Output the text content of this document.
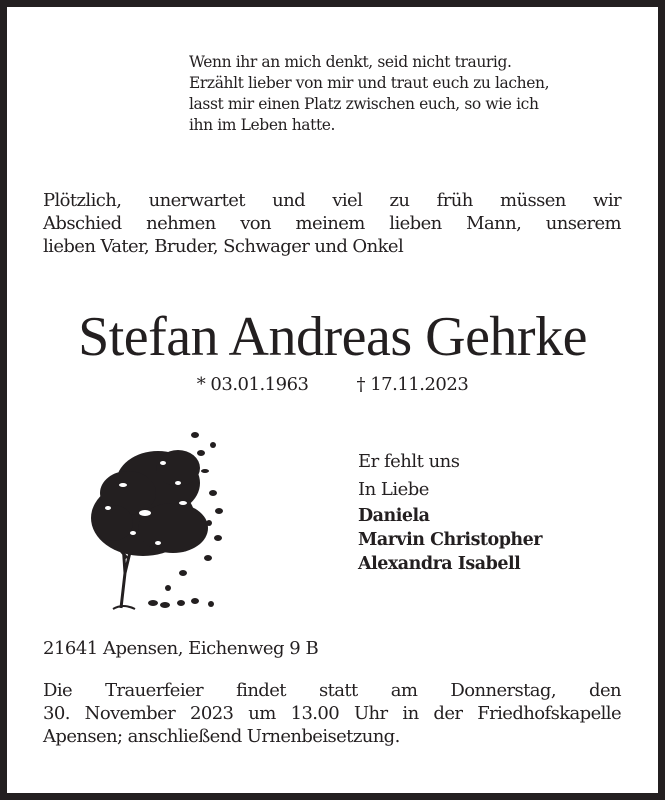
Wenn ihr an mich denkt, seid nicht traurig.
Erzählt lieber von mir und traut euch zu lachen,
lasst mir einen Platz zwischen euch, so wie ich
ihn im Leben hatte.
Plötzlich, unerwartet und viel zu früh müssen wir
Abschied nehmen von meinem lieben Mann, unserem
lieben Vater, Bruder, Schwager und Onkel
Stefan Andreas Gehrke
* 03.01.1963	† 17.11.2023
Er fehlt uns
In Liebe
Daniela
Marvin Christopher
Alexandra Isabell
21641 Apensen, Eichenweg 9 B
Die Trauerfeier findet statt am Donnerstag, den
30. November 2023 um 13.00 Uhr in der Friedhofskapelle
Apensen; anschließend Urnenbeisetzung.
